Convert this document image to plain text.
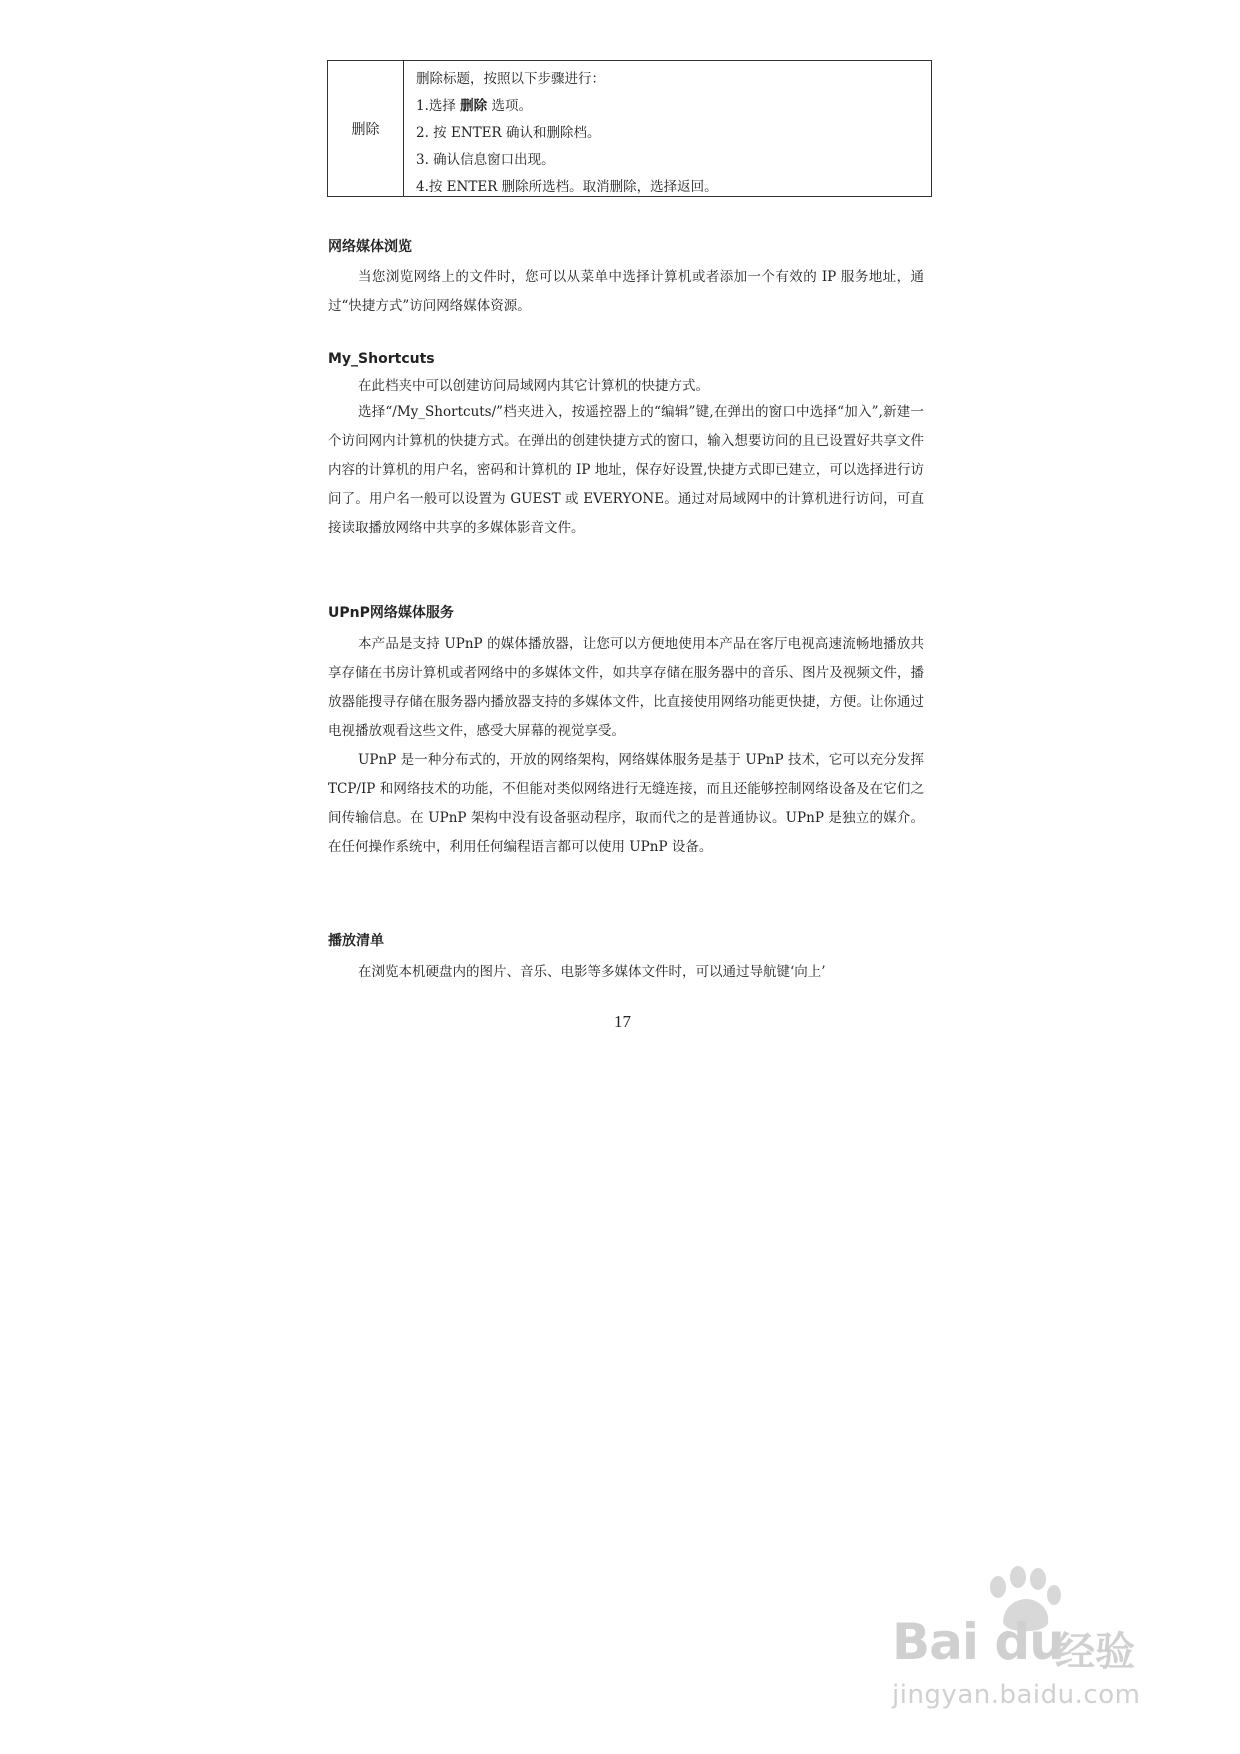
删除
删除标题，按照以下步骤进行：
1.选择 删除 选项。
2. 按 ENTER 确认和删除档。
3. 确认信息窗口出现。
4.按 ENTER 删除所选档。取消删除，选择返回。
网络媒体浏览
当您浏览网络上的文件时，您可以从菜单中选择计算机或者添加一个有效的 IP 服务地址，通过“快捷方式”访问网络媒体资源。
My_Shortcuts
在此档夹中可以创建访问局域网内其它计算机的快捷方式。
选择“/My_Shortcuts/”档夹进入，按遥控器上的“编辑”键,在弹出的窗口中选择“加入”,新建一个访问网内计算机的快捷方式。在弹出的创建快捷方式的窗口，输入想要访问的且已设置好共享文件内容的计算机的用户名，密码和计算机的 IP 地址，保存好设置,快捷方式即已建立，可以选择进行访问了。用户名一般可以设置为 GUEST 或 EVERYONE。通过对局域网中的计算机进行访问，可直接读取播放网络中共享的多媒体影音文件。
UPnP网络媒体服务
本产品是支持 UPnP 的媒体播放器，让您可以方便地使用本产品在客厅电视高速流畅地播放共享存储在书房计算机或者网络中的多媒体文件，如共享存储在服务器中的音乐、图片及视频文件，播放器能搜寻存储在服务器内播放器支持的多媒体文件，比直接使用网络功能更快捷，方便。让你通过电视播放观看这些文件，感受大屏幕的视觉享受。
UPnP 是一种分布式的，开放的网络架构，网络媒体服务是基于 UPnP 技术，它可以充分发挥 TCP/IP 和网络技术的功能，不但能对类似网络进行无缝连接，而且还能够控制网络设备及在它们之间传输信息。在 UPnP 架构中没有设备驱动程序，取而代之的是普通协议。UPnP 是独立的媒介。在任何操作系统中，利用任何编程语言都可以使用 UPnP 设备。
播放清单
在浏览本机硬盘内的图片、音乐、电影等多媒体文件时，可以通过导航键‘向上’
17
Bai du
经验
jingyan.baidu.com
